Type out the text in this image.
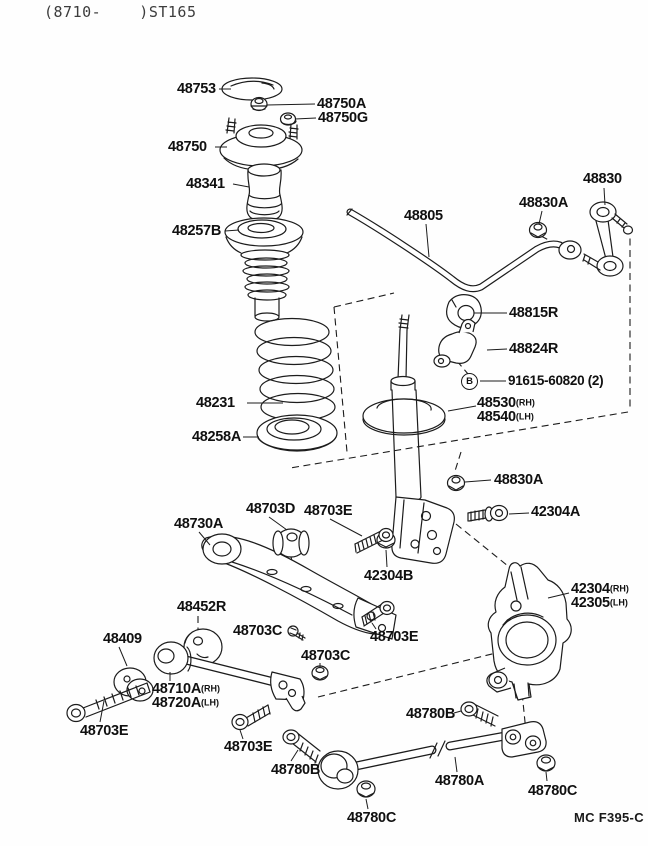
(8710-    )ST165
B
48753
48750A
48750G
48750
48341
48257B
48231
48258A
48805
48830A
48830
48815R
48824R
91615-60820 (2)
48530(RH)
48540(LH)
48830A
42304A
42304B
48703D 48703E
48730A
48452R
48409	48703C	48703E
48703C
48710A(RH)
48720A(LH)
48703E
48703E
48780B
48780B
48780A
48780C
48780C
42304(RH)
42305(LH)
MC F395-C
